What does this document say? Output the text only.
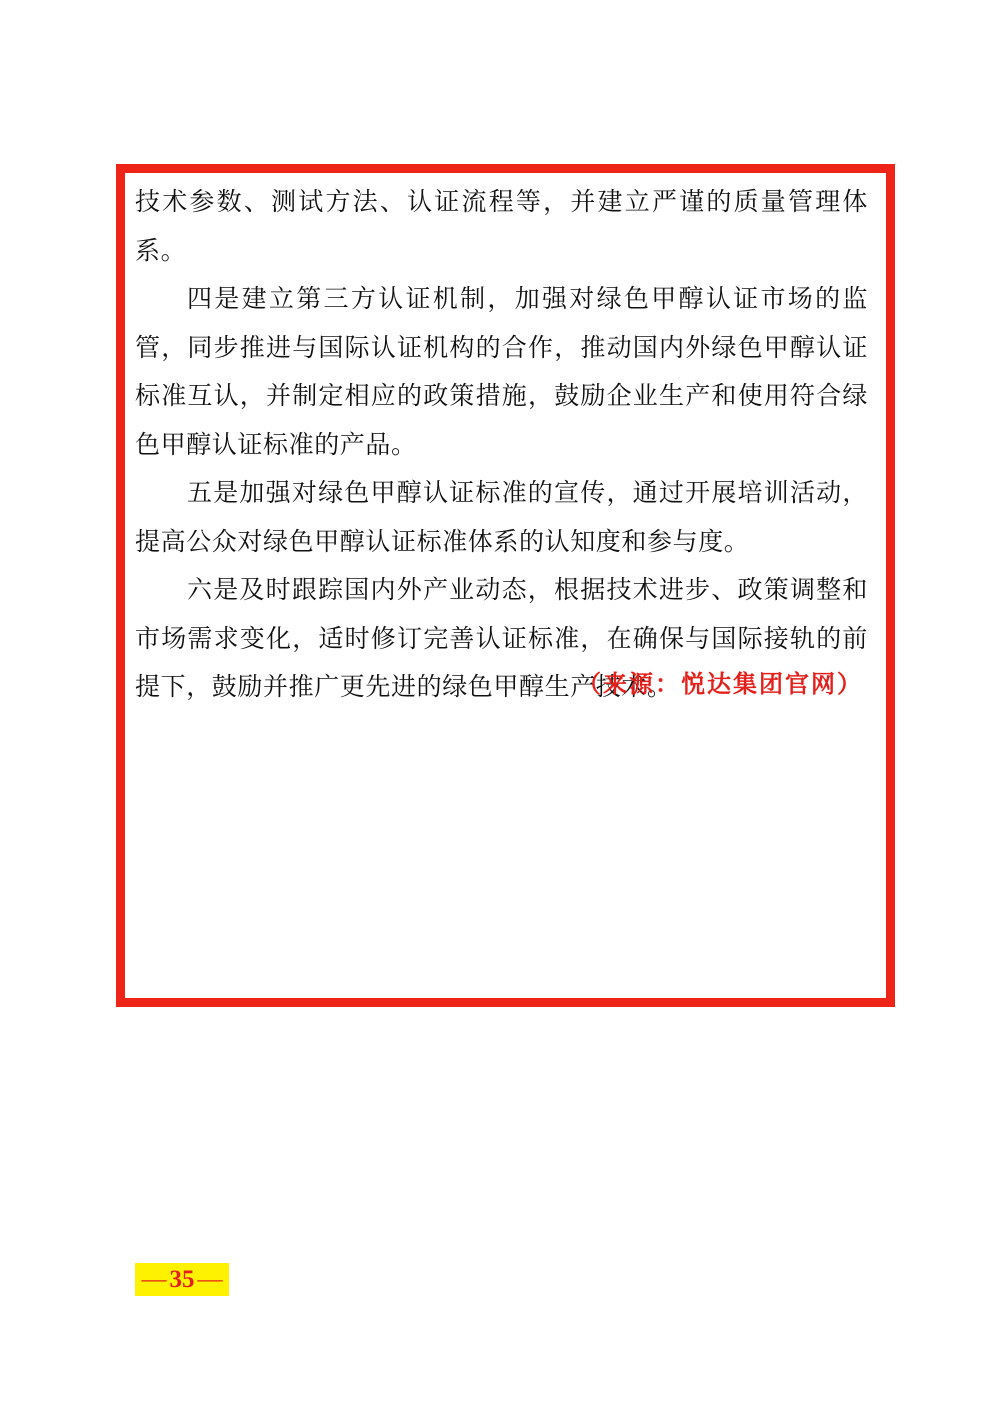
技术参数、测试方法、认证流程等，并建立严谨的质量管理体系。

四是建立第三方认证机制，加强对绿色甲醇认证市场的监管，同步推进与国际认证机构的合作，推动国内外绿色甲醇认证标准互认，并制定相应的政策措施，鼓励企业生产和使用符合绿色甲醇认证标准的产品。

五是加强对绿色甲醇认证标准的宣传，通过开展培训活动，提高公众对绿色甲醇认证标准体系的认知度和参与度。

六是及时跟踪国内外产业动态，根据技术进步、政策调整和市场需求变化，适时修订完善认证标准，在确保与国际接轨的前提下，鼓励并推广更先进的绿色甲醇生产技术。

（来源：悦达集团官网）
— 35 —
